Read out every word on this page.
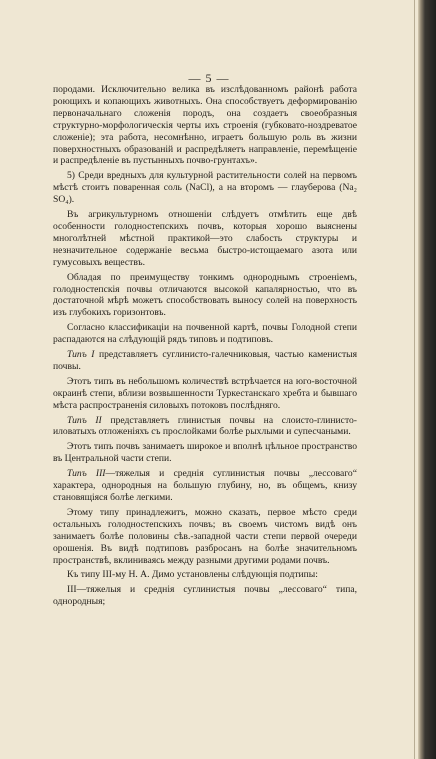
— 5 —

породами. Исключительно велика въ изслѣдованномъ районѣ работа роющихъ и копающихъ животныхъ. Она способствуетъ деформированію первоначальнаго сложенія породъ, она создаетъ своеобразныя структурно-морфологическія черты ихъ строенія (губковато-ноздреватое сложеніе); эта работа, несомнѣнно, играетъ большую роль въ жизни поверхностныхъ образованій и распредѣляетъ направленіе, перемѣщеніе и распредѣленіе въ пустынныхъ почво-грунтахъ».

5) Среди вредныхъ для культурной растительности солей на первомъ мѣстѣ стоитъ поваренная соль (NaCl), а на второмъ — глауберова (Na₂ SO₄).

Въ агрикультурномъ отношеніи слѣдуетъ отмѣтить еще двѣ особенности голодностепскихъ почвъ, которыя хорошо выяснены многолѣтней мѣстной практикой—это слабость структуры и незначительное содержаніе весьма быстро-истощаемаго азота или гумусовыхъ веществъ.

Обладая по преимуществу тонкимъ однороднымъ строеніемъ, голодностепскія почвы отличаются высокой капалярностью, что въ достаточной мѣрѣ можетъ способствовать выносу солей на поверхность изъ глубокихъ горизонтовъ.

Согласно классификаціи на почвенной картѣ, почвы Голодной степи распадаются на слѣдующій рядъ типовъ и подтиповъ.

Типъ I представляетъ суглинисто-галечниковыя, частью каменистыя почвы.

Этотъ типъ въ небольшомъ количествѣ встрѣчается на юго-восточной окраинѣ степи, вблизи возвышенности Туркестанскаго хребта и бывшаго мѣста распространенія силовыхъ потоковъ послѣдняго.

Типъ II представляетъ глинистыя почвы на слоисто-глинисто-иловатыхъ отложеніяхъ съ прослойками болѣе рыхлыми и супесчаными.

Этотъ типъ почвъ занимаетъ широкое и вполнѣ цѣльное пространство въ Центральной части степи.

Типъ III—тяжелыя и среднія суглинистыя почвы „лессоваго“ характера, однородныя на большую глубину, но, въ общемъ, книзу становящіяся болѣе легкими.

Этому типу принадлежитъ, можно сказать, первое мѣсто среди остальныхъ голодностепскихъ почвъ; въ своемъ чистомъ видѣ онъ занимаетъ болѣе половины сѣв.-западной части степи первой очереди орошенія. Въ видѣ подтиповъ разбросанъ на болѣе значительномъ пространствѣ, вклиниваясь между разными другими родами почвъ.

Къ типу III-му Н. А. Димо установлены слѣдующія подтипы:

III—тяжелыя и среднія суглинистыя почвы „лессоваго“ типа, однородныя;
